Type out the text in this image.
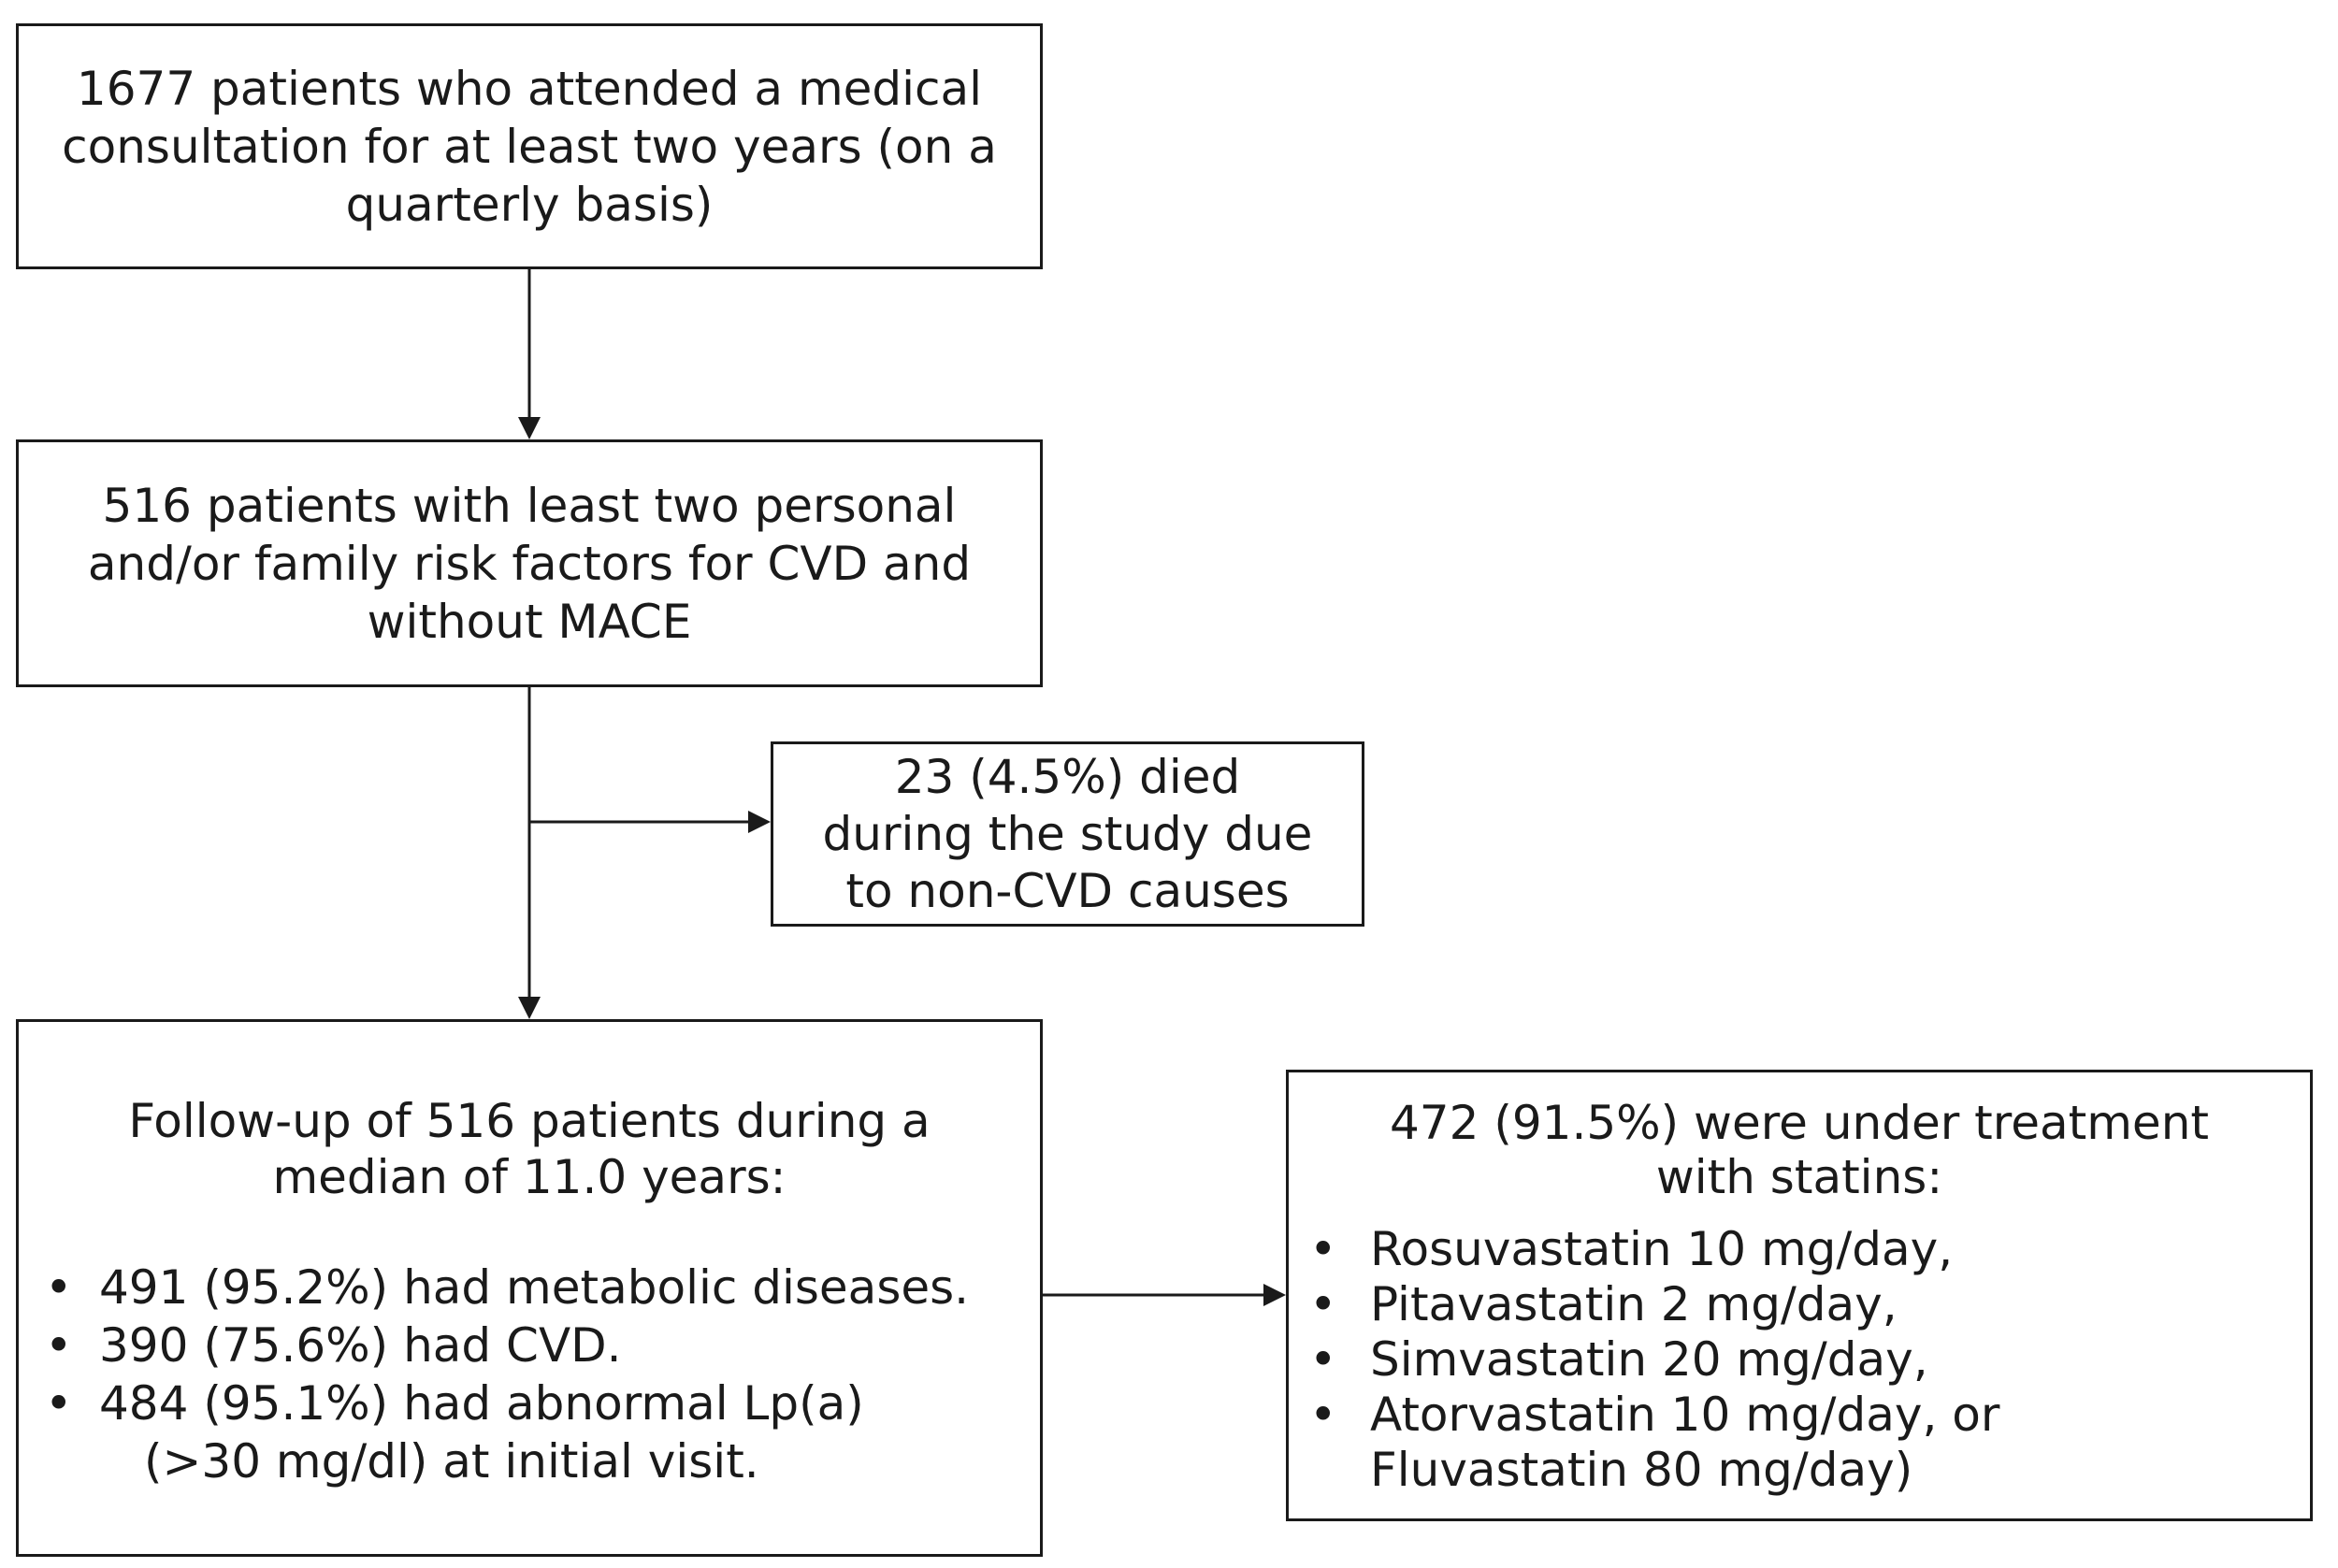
1677 patients who attended a medical
consultation for at least two years (on a
quarterly basis)
516 patients with least two personal
and/or family risk factors for CVD and
without MACE
23 (4.5%) died
during the study due
to non-CVD causes
Follow-up of 516 patients during a
median of 11.0 years:
• 491 (95.2%) had metabolic diseases.
• 390 (75.6%) had CVD.
• 484 (95.1%) had abnormal Lp(a)
(>30 mg/dl) at initial visit.
472 (91.5%) were under treatment
with statins:
• Rosuvastatin 10 mg/day,
• Pitavastatin 2 mg/day,
• Simvastatin 20 mg/day,
• Atorvastatin 10 mg/day, or
Fluvastatin 80 mg/day)
